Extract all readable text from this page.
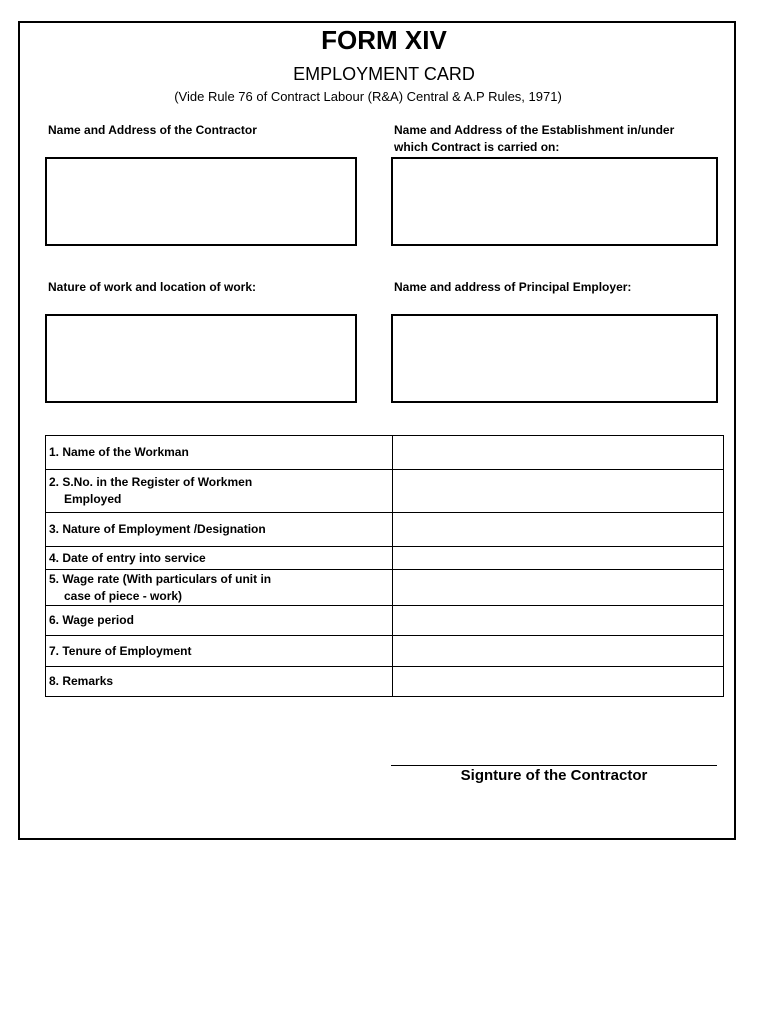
FORM XIV
EMPLOYMENT CARD
(Vide Rule 76 of Contract Labour (R&A) Central & A.P Rules, 1971)
Name and Address of the Contractor	Name and Address of the Establishment in/under
which Contract is carried on:
Nature of work and location of work:	Name and address of Principal Employer:
1. Name of the Workman	
2. S.No. in the Register of Workmen
Employed	

3. Nature of Employment /Designation	
4. Date of entry into service	
5. Wage rate (With particulars of unit in
case of piece - work)	

6. Wage period	
7. Tenure of Employment	
8. Remarks	
Signture of the Contractor
